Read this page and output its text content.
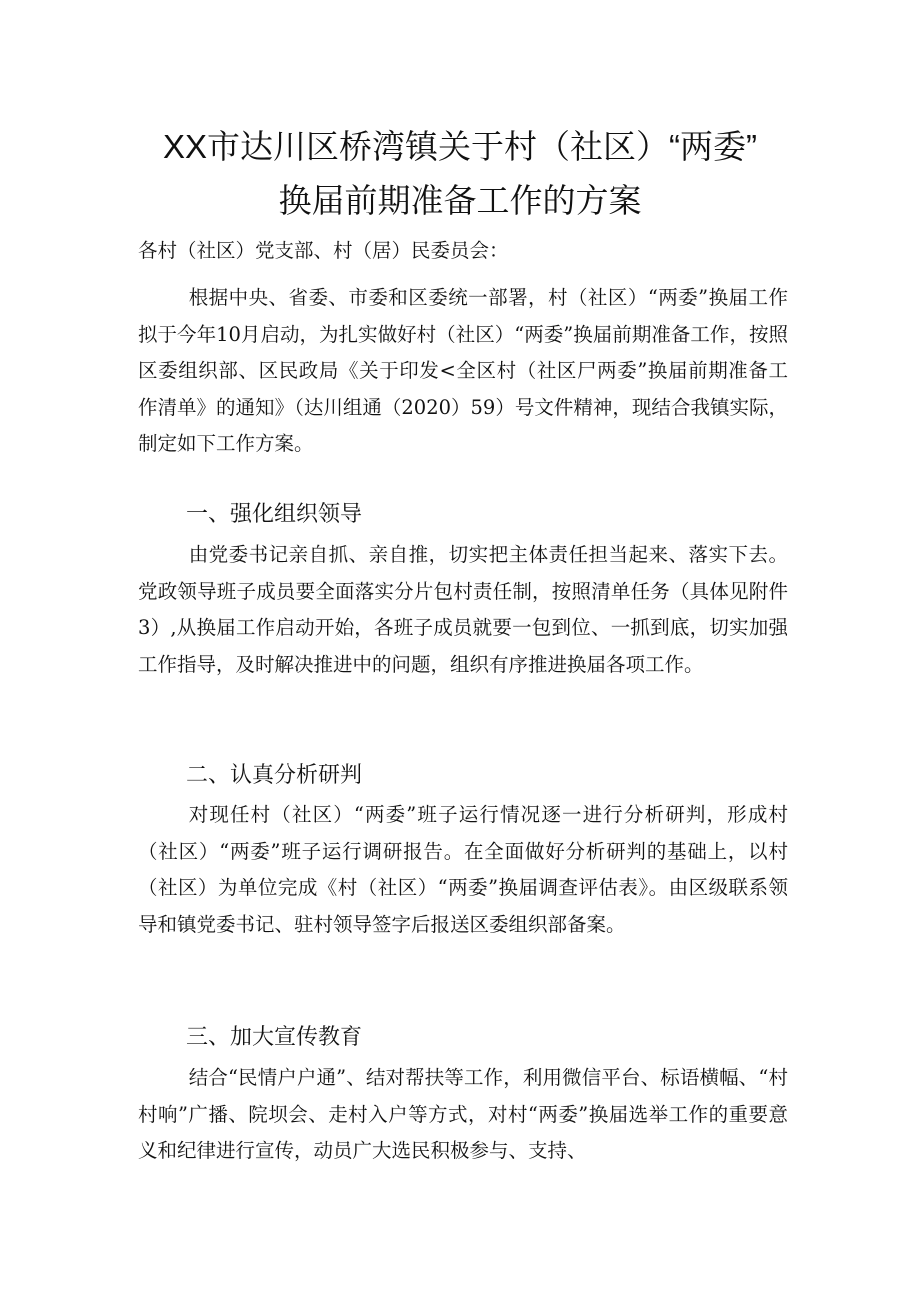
XX市达川区桥湾镇关于村（社区）“两委”
换届前期准备工作的方案
各村（社区）党支部、村（居）民委员会：

根据中央、省委、市委和区委统一部署，村（社区）“两委”换届工作拟于今年10月启动，为扎实做好村（社区）“两委”换届前期准备工作，按照区委组织部、区民政局《关于印发<全区村（社区尸两委”换届前期准备工作清单》的通知》（达川组通（2020）59）号文件精神，现结合我镇实际，制定如下工作方案。

一、强化组织领导

由党委书记亲自抓、亲自推，切实把主体责任担当起来、落实下去。党政领导班子成员要全面落实分片包村责任制，按照清单任务（具体见附件3）,从换届工作启动开始，各班子成员就要一包到位、一抓到底，切实加强工作指导，及时解决推进中的问题，组织有序推进换届各项工作。

二、认真分析研判

对现任村（社区）“两委”班子运行情况逐一进行分析研判，形成村（社区）“两委”班子运行调研报告。在全面做好分析研判的基础上，以村（社区）为单位完成《村（社区）“两委”换届调查评估表》。由区级联系领导和镇党委书记、驻村领导签字后报送区委组织部备案。

三、加大宣传教育

结合“民情户户通”、结对帮扶等工作，利用微信平台、标语横幅、“村村响”广播、院坝会、走村入户等方式，对村“两委”换届选举工作的重要意义和纪律进行宣传，动员广大选民积极参与、支持、
